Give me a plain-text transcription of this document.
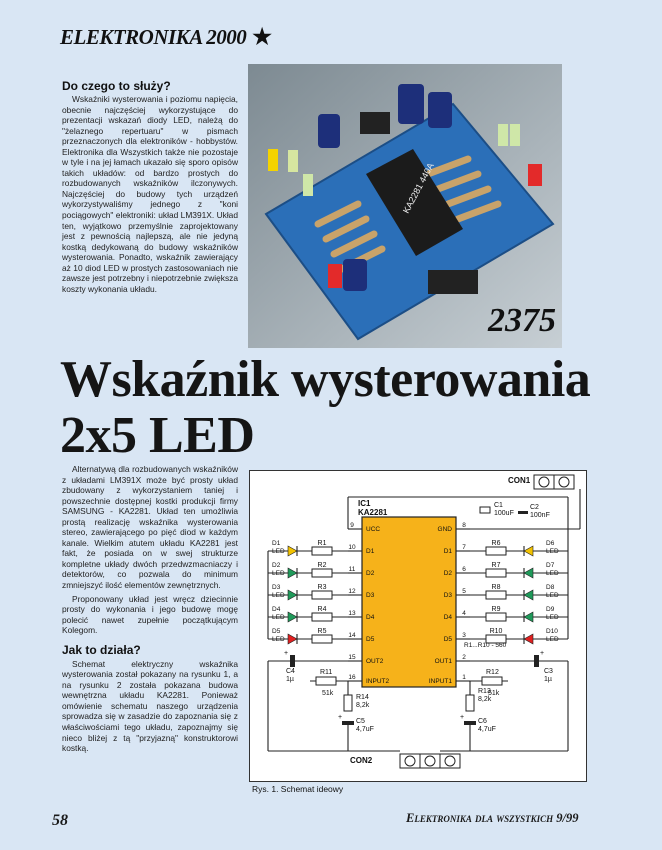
ELEKTRONIKA 2000 ★
Do czego to służy?

Wskaźniki wysterowania i poziomu napięcia, obecnie najczęściej wykorzystujące do prezentacji wskazań diody LED, należą do "żelaznego repertuaru" w pismach przeznaczonych dla elektroników - hobbystów. Elektronika dla Wszystkich także nie pozostaje w tyle i na jej łamach ukazało się sporo opisów takich układów: od bardzo prostych do rozbudowanych wskaźników ilczonywych. Najczęściej do budowy tych urządzeń wykorzystywaliśmy jednego z "koni pociągowych" elektroniki: układ LM391X. Układ ten, wyjątkowo przemyślnie zaprojektowany jest z pewnością najlepszą, ale nie jedyną kostką dedykowaną do budowy wskaźników wysterowania. Ponadto, wskaźnik zawierający aż 10 diod LED w prostych zastosowaniach nie zawsze jest potrzebny i niepotrzebnie zwiększa koszty wykonania układu.

KA2281 440A
2375
Wskaźnik wysterowania
2x5 LED

Alternatywą dla rozbudowanych wskaźników z układami LM391X może być prosty układ zbudowany z wykorzystaniem taniej i powszechnie dostępnej kostki produkcji firmy SAMSUNG - KA2281. Układ ten umożliwia prostą realizację wskaźnika wysterowania stereo, zawierającego po pięć diod w każdym kanale. Wielkim atutem układu KA2281 jest fakt, że posiada on w swej strukturze kompletne układy dwóch przedwzmacniaczy i detektorów, co pozwala do minimum zmniejszyć ilość elementów zewnętrznych.

Proponowany układ jest wręcz dziecinnie prosty do wykonania i jego budowę mogę polecić nawet zupełnie początkującym Kolegom.

Jak to działa?

Schemat elektryczny wskaźnika wysterowania został pokazany na rysunku 1, a na rysunku 2 została pokazana budowa wewnętrzna układu KA2281. Ponieważ omówienie schematu naszego urządzenia sprowadza się w zasadzie do zapoznania się z właściwościami tego układu, zapoznajmy się nieco bliżej z tą "przyjazną" konstruktorowi kostką.

IC1
KA2281
UCC	GND
9	8
D1	D1
10	7
D2	D2
11	6
D3	D3
12	5
D4	D4
13	4
D5	D5
14	3
OUT2	OUT1
15	2
INPUT2	INPUT1
16	1
R1
D1
LED
R2
D2
LED
R3
D3
LED
R4
D4
LED
R5
D5
LED
R6	D6
LED
R7	D7
LED
R8	D8
LED
R9	D9
LED
R10	D10
LED
R1...R10 - 560
CON1
C1
100uF
C2
100nF
C4
1µ
+
C3
1µ
+
R11
51k
R14
8,2k
C5
4,7uF
+
R12
51k
R13
8,2k
C6
4,7uF
+
CON2
Rys. 1. Schemat ideowy
58	Elektronika dla wszystkich 9/99
